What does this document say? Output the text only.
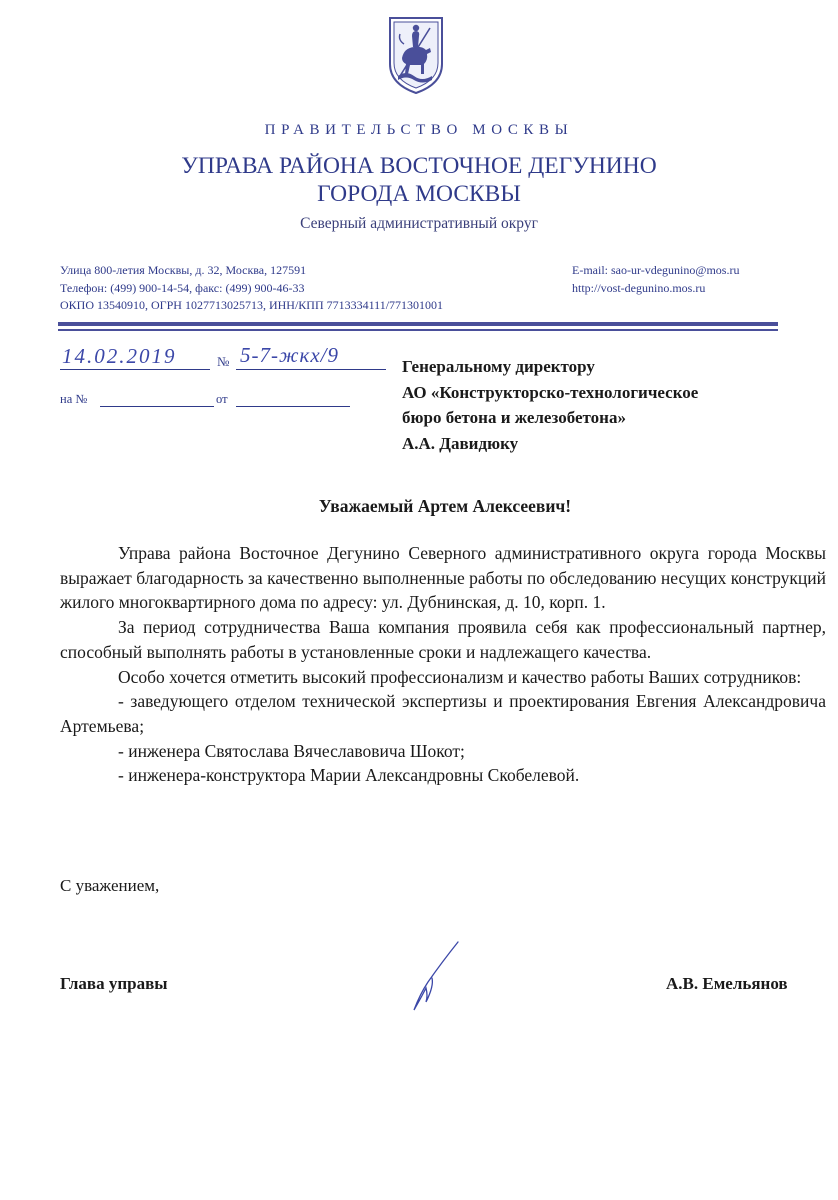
ПРАВИТЕЛЬСТВО МОСКВЫ
УПРАВА РАЙОНА ВОСТОЧНОЕ ДЕГУНИНО
ГОРОДА МОСКВЫ
Северный административный округ
Улица 800-летия Москвы, д. 32, Москва, 127591
Телефон: (499) 900-14-54, факс: (499) 900-46-33
ОКПО 13540910, ОГРН 1027713025713, ИНН/КПП 7713334111/771301001
E-mail: sao-ur-vdegunino@mos.ru
http://vost-degunino.mos.ru
14.02.2019	№ 5-7-жкх/9
на №	от
Генеральному директору
АО «Конструкторско-технологическое
бюро бетона и железобетона»
А.А. Давидюку
Уважаемый Артем Алексеевич!

Управа района Восточное Дегунино Северного административного округа города Москвы выражает благодарность за качественно выполненные работы по обследованию несущих конструкций жилого многоквартирного дома по адресу: ул. Дубнинская, д. 10, корп. 1.

За период сотрудничества Ваша компания проявила себя как профессиональный партнер, способный выполнять работы в установленные сроки и надлежащего качества.

Особо хочется отметить высокий профессионализм и качество работы Ваших сотрудников:

- заведующего отделом технической экспертизы и проектирования Евгения Александровича Артемьева;

- инженера Святослава Вячеславовича Шокот;

- инженера-конструктора Марии Александровны Скобелевой.

С уважением,
Глава управы	А.В. Емельянов
